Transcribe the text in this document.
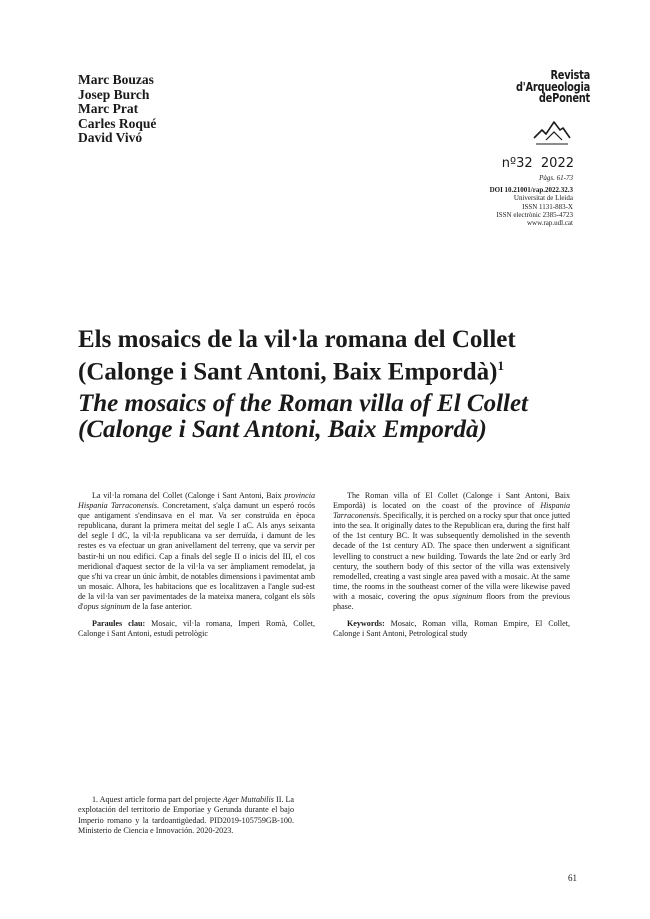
Marc Bouzas
Josep Burch
Marc Prat
Carles Roqué
David Vivó
Revista
d'Arqueologia
dePonent
nº32 2022
Pàgs. 61-73
DOI 10.21001/rap.2022.32.3
Universitat de Lleida
ISSN 1131-883-X
ISSN electrònic 2385-4723
www.rap.udl.cat
Els mosaics de la vil·la romana del Collet (Calonge i Sant Antoni, Baix Empordà)$^1$
The mosaics of the Roman villa of El Collet (Calonge i Sant Antoni, Baix Empordà)

La vil·la romana del Collet (Calonge i Sant Antoni, Baix provincia Hispania Tarraconensis. Concretament, s'alça damunt un esperó rocós que antigament s'endinsava en el mar. Va ser construïda en època republicana, durant la primera meitat del segle I aC. Als anys seixanta del segle I dC, la vil·la republicana va ser derruïda, i damunt de les restes es va efectuar un gran anivellament del terreny, que va servir per bastir-hi un nou edifici. Cap a finals del segle II o inicis del III, el cos meridional d'aquest sector de la vil·la va ser àmpliament remodelat, ja que s'hi va crear un únic àmbit, de notables dimensions i pavimentat amb un mosaic. Alhora, les habitacions que es localitzaven a l'angle sud-est de la vil·la van ser pavimentades de la mateixa manera, colgant els sòls d'opus signinum de la fase anterior.

Paraules clau: Mosaic, vil·la romana, Imperi Romà, Collet, Calonge i Sant Antoni, estudi petrològic

The Roman villa of El Collet (Calonge i Sant Antoni, Baix Empordà) is located on the coast of the province of Hispania Tarraconensis. Specifically, it is perched on a rocky spur that once jutted into the sea. It originally dates to the Republican era, during the first half of the 1st century BC. It was subsequently demolished in the seventh decade of the 1st century AD. The space then underwent a significant levelling to construct a new building. Towards the late 2nd or early 3rd century, the southern body of this sector of the villa was extensively remodelled, creating a vast single area paved with a mosaic. At the same time, the rooms in the southeast corner of the villa were likewise paved with a mosaic, covering the opus signinum floors from the previous phase.

Keywords: Mosaic, Roman villa, Roman Empire, El Collet, Calonge i Sant Antoni, Petrological study

1. Aquest article forma part del projecte Ager Muttabilis II. La explotación del territorio de Emporiae y Gerunda durante el bajo Imperio romano y la tardoantigüedad. PID2019-105759GB-100. Ministerio de Ciencia e Innovación. 2020-2023.

61
